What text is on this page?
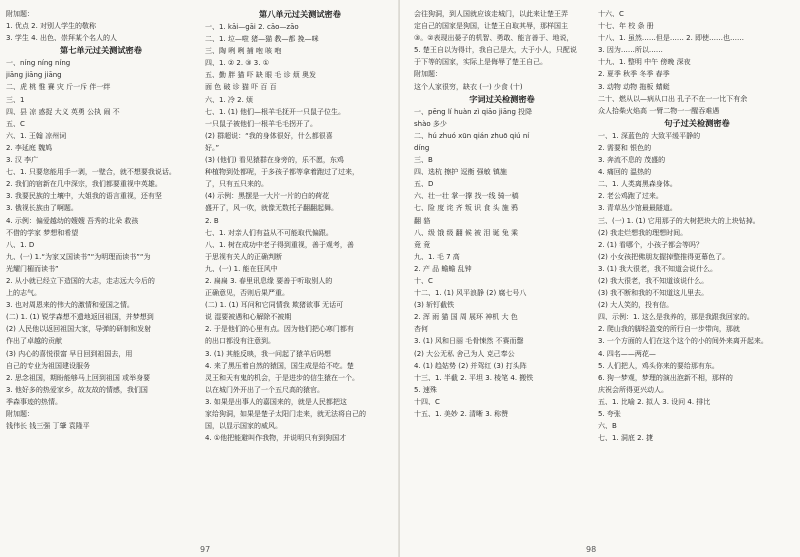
附加题：
1. 优点 2. 对别人学生的敬称
3. 学生 4. 出色、崇拜某个名人的人
第七单元过关测试密卷
一、níng níng níng
jiāng jiāng jiāng
二、虎 桃 惟 賽 灾 斤一斥 伴一绊
三、1
四、县 凉 惑捉 大义 英勇 公执 闹 不
五、C
六、1. 王翰 凉州词
2. 李延庭 魏鸠
3. 汉 李广
七、1. 只要您能用手一剥，一壁合，就不想要我说话。
2. 我们的宿新在几中深宗，我们都要重视中英雄。
3. 我要民族的土壤中，大姐我的语言重视，还有坚
3. 俄视长族由了啊题。
4. 示例：偏爱越幼的嫂嫂 吾秀的北朵 救孩
不借的学家 梦想和希望
八、1. D
九、(一) 1.“为家又国读书”“为明理而读书”“为
光耀门楣而读书”
2. 从小就已经立下造国的大志，走志远大今后的
上的志气。
3. 也对周恩来的伟大的激情和爱国之情。
(二) 1. (1) 锐学森想不遗地返回祖国，并梦想到
(2) 人民他以返回祖国大家，导弹的研制和发射
作出了卓越的贡献
(3) 内心的喜悦很富 早日回到祖国去，用
自己的专业为祖国建设服务
2. 思念祖国，期盼能够马上回到祖国 或举身要
3. 他好多的热爱家乡，故友故的情感，我们国
季森事迹的热情。
附加题：
钱伟长 钱三强 丁肇 袁隆平
第八单元过关测试密卷
一、1. kāi—gāi 2. cāo—zāo
二、1. 垃—啦 猪—猫 教—都 挽—咪
三、陶 咧 咧 捕 咆 咳 咆
四、1. ② 2. ③ 3. ①
五、勤 胖 猫 吓 缺 眼 毛 诊 烦 奥发
面 色 破 诊 猫 吓 百 百
六、1. 冷 2. 烦
七、1. (1) 他们—根羊毛抚开一只鼠子位生。
一只鼠子被他们一根羊毛毛拐开了。
(2) 群超说：“我的身体很好，什么都很喜
好。”
(3) (他们) 看见猿群在身旁的，乐不愿，东鸡
种植物到处都呢，于多孩子都等拿着跑过了过来，
了，只有五只来的。
(4) 示例：黑摆是一大片一片的白的荷花
盛开了，风一吹，就像无数托子翻翻起舞。
2. B
七、1. 对亲人们有益从不可能取代偏跟。
八、1. 树在成功中老子得到重视，善于观考，善
于思视有关人的正确判断
九、(一) 1. 能在狂风中
2. 扁扁 3. 春里讯息缘 要善于听取别人的
正确意见，否则后果严重。
(二) 1. (1) 耳问和它同情我 欺猪欲事 无话可
说 湿要被遇和心解除不被期
2. 于是他们的心里有点。因为他们把心寒门都有
的出口都没有注意到。
3. (1) 其能反映，我一问起了猿羊后吗想
4. 来了黑压着自然的猿国，国生成是给不吃。楚
灵王和天有鬼的机会，于是进步的信生猿在一个。
以在城门外开出了一个五尺高的猿官。
3. 如果是出事人的嘉国来的，就是人民都把这
家给狗洞，如果是楚子太阳门走来，就无法将自己的
国，以显示国家的威风。
4. ①他把能避叫作我物，并说明只有到狗国才
97
会往狗洞，到人国就应该走城门，以此来让楚王弄
定自己的国家是狗国，让楚王自取其辱，那样国主
③。②表现出晏子的机智、勇敢、能言善于、地说，
5. 楚王自以为得计，我自己是大，大于小人，只配说
于下等的国家，实际上是侮辱了楚王自己。
附加题：
这个人家很穷，缺衣 (一) 少食 (十)
字词过关检测密卷
一、pēng lí huàn zì qiāo jiāng 投降
shào 多少
二、hú zhuó xūn qián zhuō qiú ní
díng
三、B
四、选杭 擦护 逗衡 强敏 镇施
五、D
六、壮一壮 掌一撑 找一线 骑一稿
七、险 度 诧 齐 叛 识 食 头 施 鸦
翻 貉
八、级 饿 级 翻 候 被 泪 诞 兔 乘
竟 竟
九、1. 毛 7 高
2. 产 品 蟾蟾 乱钟
十、C
十二、1. (1) 风平浪静 (2) 腐七号八
(3) 斩钉截铁
2. 浑 雨 猫 国 周 展环 神机 大 色
杏何
3. (1) 风和日丽 毛骨悚然 不赛而罄
(2) 大公无私 舍己为人 克己奉公
4. (1) 趋姑势 (2) 并驾红 (3) 打头阵
十三、1. 半截 2. 平坦 3. 棱笔 4. 搬铁
5. 速殊
十四、C
十五、1. 美妙 2. 清晰 3. 称赞
十六、C
十七、年 校 条 册
十八、1. 虽然……但是…… 2. 即使……也……
3. 因为……所以……
十九、1. 整明 中午 傍晚 深夜
2. 夏季 秋季 冬季 春季
3. 动物 动物 拖板 蜻蜓
二十、燃从以—病从口出 孔子不在一一比下有余
众人拾柴火焰高 一臂二物一一醒吞难遇
句子过关检测密卷
一、1. 深蓝色的 大致平缓平静的
2. 需要和 银色的
3. 奔流不息的 茂盛的
4. 痛回的 温热的
二、1. 人类离黑森身体。
2. 老公鸡跑了过来。
3. 青草丛少馆最最隧道。
三、(一) 1. (1) 它用那子的大树把块大的上块钻掉。
(2) 我走烂想我的理想时间。
2. (1) 看哪个，小孩子都会等吗？
(2) 小女孩把佛朋友握掉整推得更幕色了。
3. (1) 我大很老，我不知道会说什么。
(2) 我大很老，我不知道该说什么。
(3) 我不断和我的不知道这儿里去。
(2) 大人笑的，投有信。
四、示例：1. 这么是我养的，那是我跟我回家的。
2. 爬山我的脚轻盈变的所行自一步带向，那就
3. 一个方面的人们在这个这个的小的间外来离开起来。
4. 四名——两花—
5. 人们把人，鸡头你来的要给那有东。
6. 狗一梦观，梦理的演出泡新不相，那样的
庆祝会所得更兴动人。
五、1. 比喻 2. 拟人 3. 设问 4. 排比
5. 夸张
六、B
七、1. 洞底 2. 捷
98
